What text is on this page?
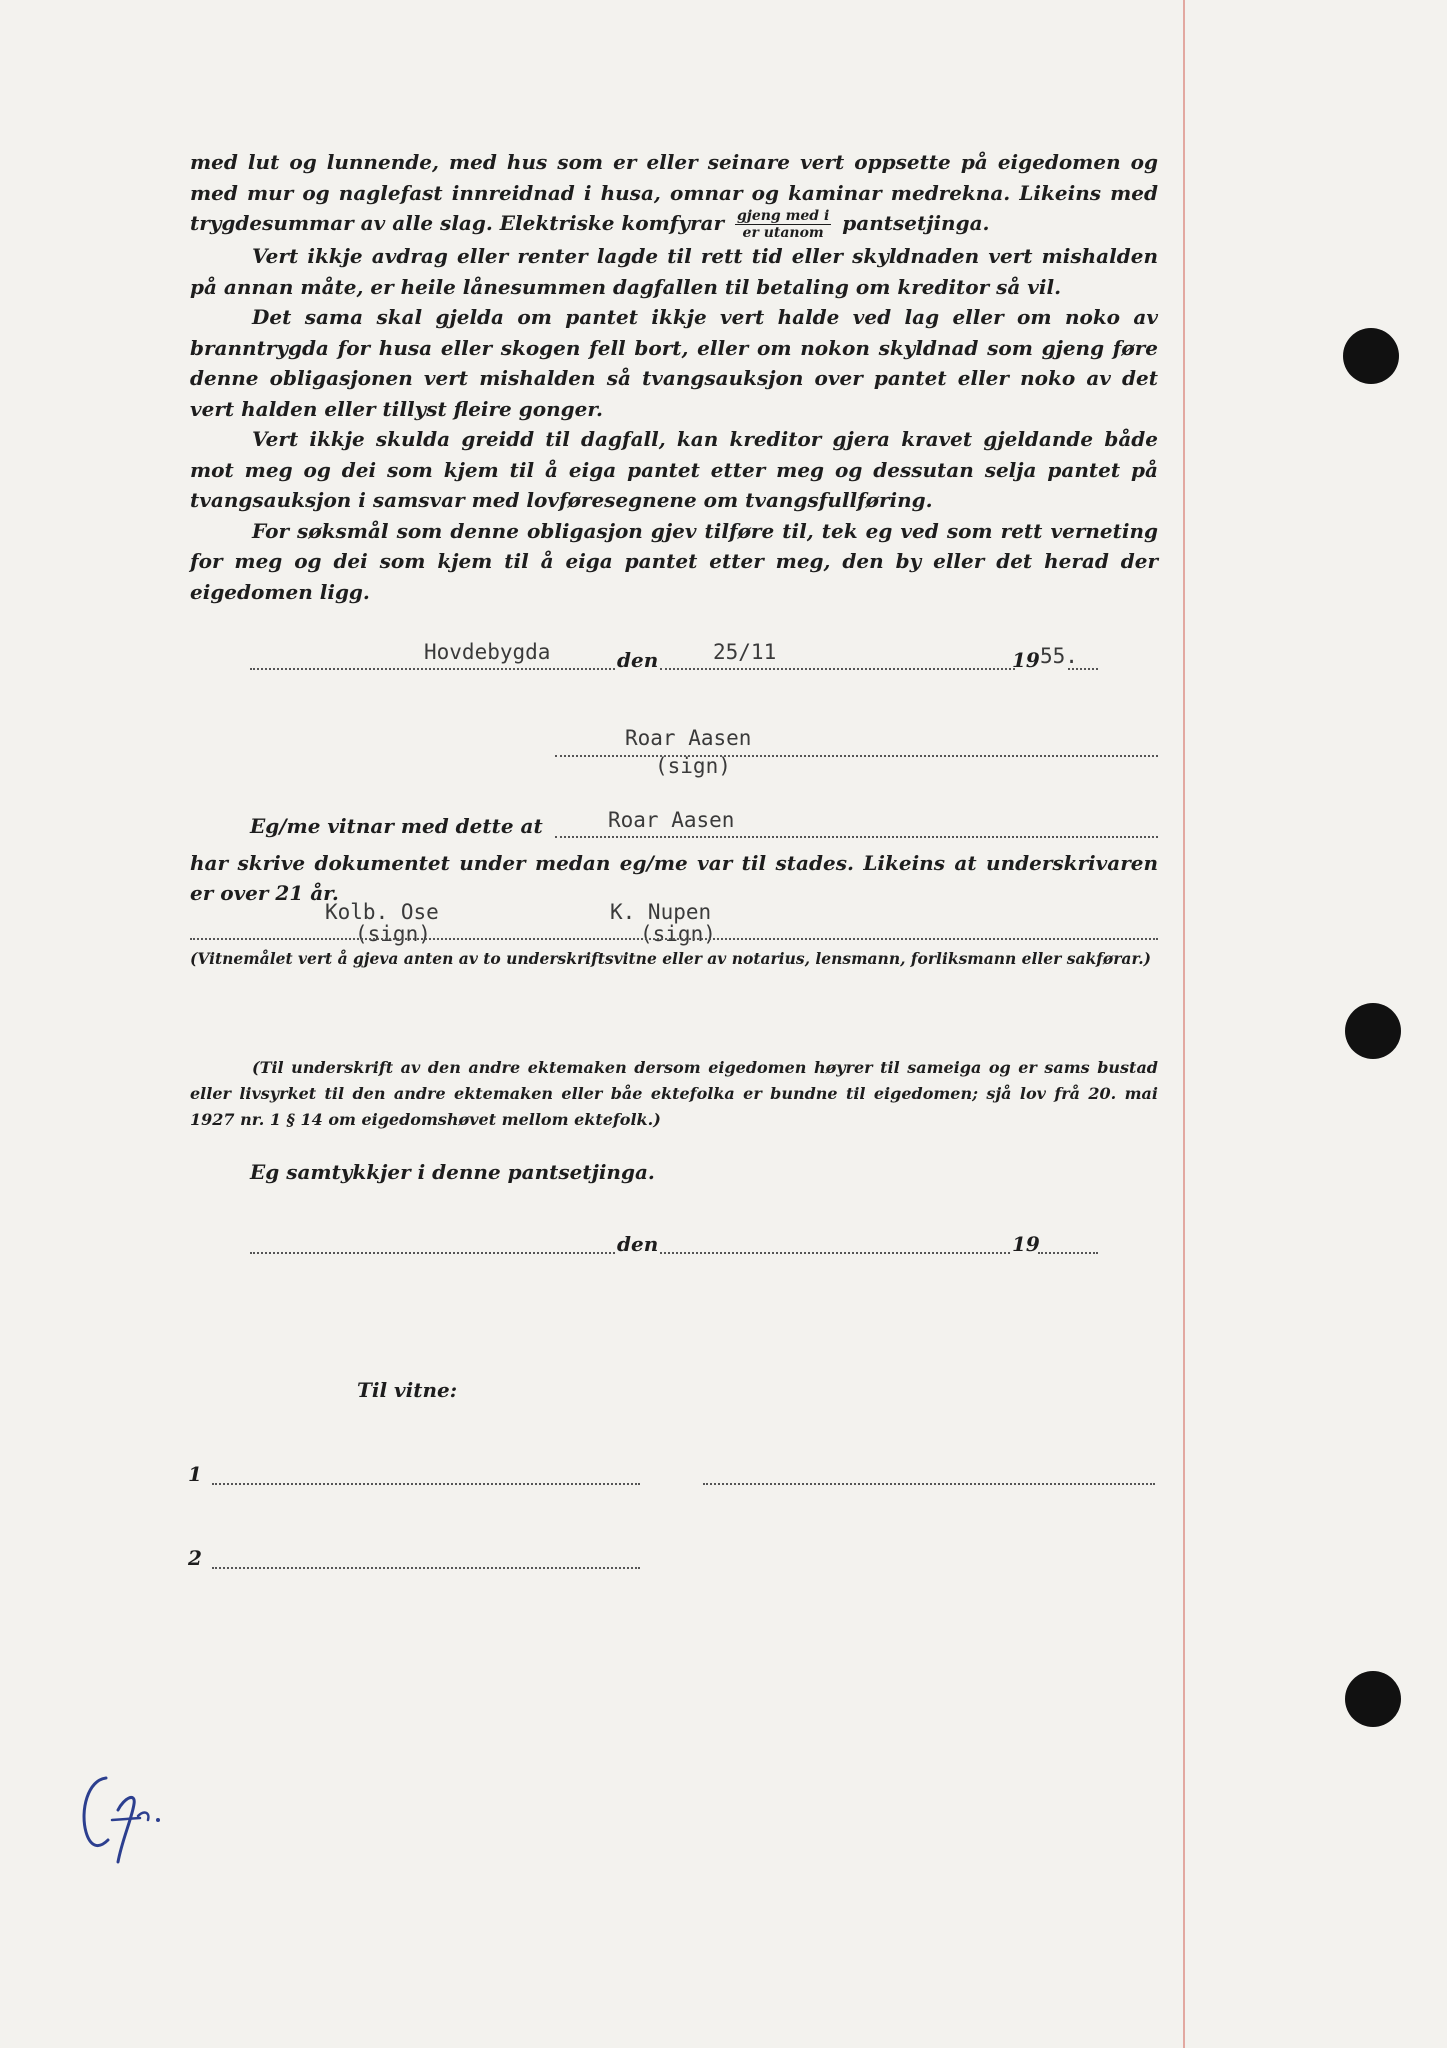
med lut og lunnende, med hus som er eller seinare vert oppsette på eigedomen og med mur og naglefast innreidnad i husa, omnar og kaminar medrekna. Likeins med trygdesummar av alle slag. Elektriske komfyrar $\frac{\text{gjeng med i}}{\text{er utanom}}$ pantsetjinga.

Vert ikkje avdrag eller renter lagde til rett tid eller skyldnaden vert mishalden på annan måte, er heile lånesummen dagfallen til betaling om kreditor så vil.

Det sama skal gjelda om pantet ikkje vert halde ved lag eller om noko av branntrygda for husa eller skogen fell bort, eller om nokon skyldnad som gjeng føre denne obligasjonen vert mishalden så tvangsauksjon over pantet eller noko av det vert halden eller tillyst fleire gonger.

Vert ikkje skulda greidd til dagfall, kan kreditor gjera kravet gjeldande både mot meg og dei som kjem til å eiga pantet etter meg og dessutan selja pantet på tvangsauksjon i samsvar med lovføresegnene om tvangsfullføring.

For søksmål som denne obligasjon gjev tilføre til, tek eg ved som rett verneting for meg og dei som kjem til å eiga pantet etter meg, den by eller det herad der eigedomen ligg.

Hovdebygda	den	25/11	19 55.
Roar Aasen
(sign)
Eg/me vitnar med dette at	Roar Aasen
har skrive dokumentet under medan eg/me var til stades. Likeins at underskrivaren er over 21 år.
Kolb. Ose
(sign)
K. Nupen
(sign)
(Vitnemålet vert å gjeva anten av to underskriftsvitne eller av notarius, lensmann, forliksmann eller sakførar.)
(Til underskrift av den andre ektemaken dersom eigedomen høyrer til sameiga og er sams bustad eller livsyrket til den andre ektemaken eller båe ektefolka er bundne til eigedomen; sjå lov frå 20. mai 1927 nr. 1 § 14 om eigedomshøvet mellom ektefolk.)
Eg samtykkjer i denne pantsetjinga.
den	19
Til vitne:
1
2
